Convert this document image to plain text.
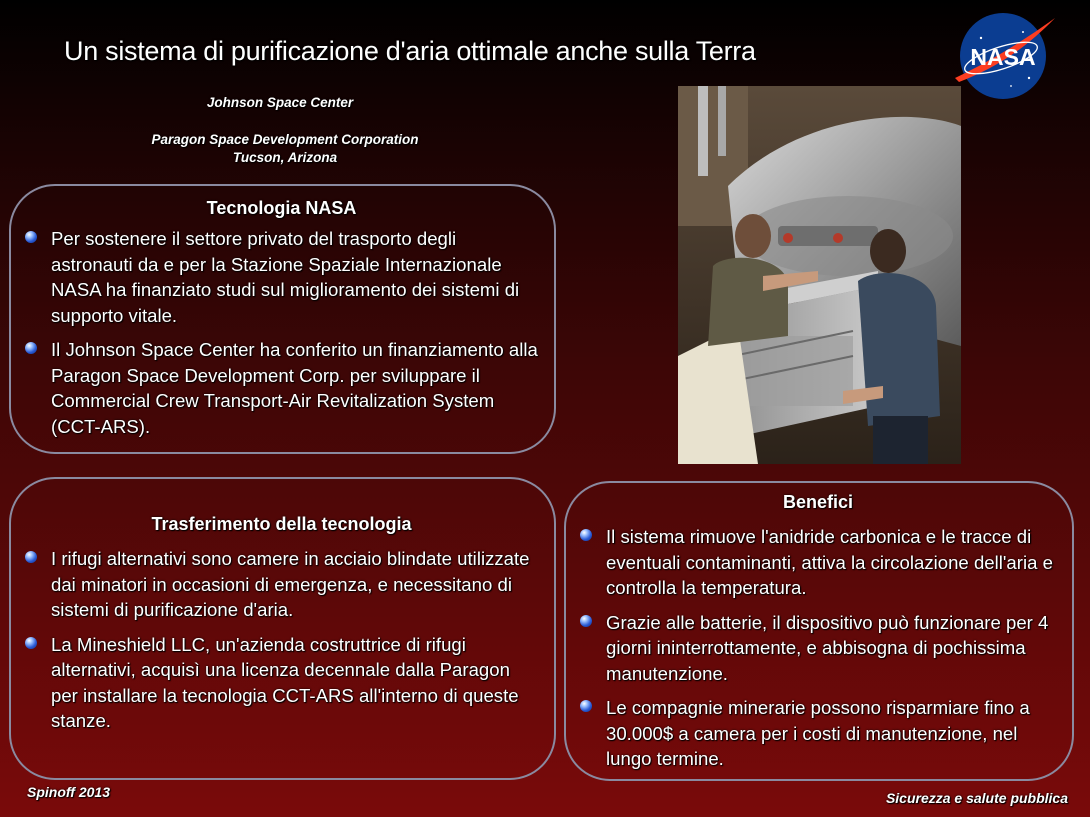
Un sistema di purificazione d'aria ottimale anche sulla Terra	NASA
Johnson Space Center
Paragon Space Development Corporation
Tucson, Arizona
Tecnologia NASA
Per sostenere il settore privato del trasporto degli astronauti da e per la Stazione Spaziale Internazionale NASA ha finanziato studi sul miglioramento dei sistemi di supporto vitale.
Il Johnson Space Center ha conferito un finanziamento alla Paragon Space Development Corp. per sviluppare il Commercial Crew Transport-Air Revitalization System (CCT-ARS).
Trasferimento della tecnologia
I rifugi alternativi sono camere in acciaio blindate utilizzate dai minatori in occasioni di emergenza, e necessitano di sistemi di purificazione d'aria.
La Mineshield LLC, un'azienda costruttrice di rifugi alternativi, acquisì una licenza decennale dalla Paragon per installare la tecnologia CCT-ARS all'interno di queste stanze.
Benefici
Il sistema rimuove l'anidride carbonica e le tracce di eventuali contaminanti, attiva la circolazione dell'aria e controlla la temperatura.
Grazie alle batterie, il dispositivo può funzionare per 4 giorni ininterrottamente, e abbisogna di pochissima manutenzione.
Le compagnie minerarie possono risparmiare fino a 30.000$ a camera per i costi di manutenzione, nel lungo termine.
Spinoff 2013	Sicurezza e salute pubblica
